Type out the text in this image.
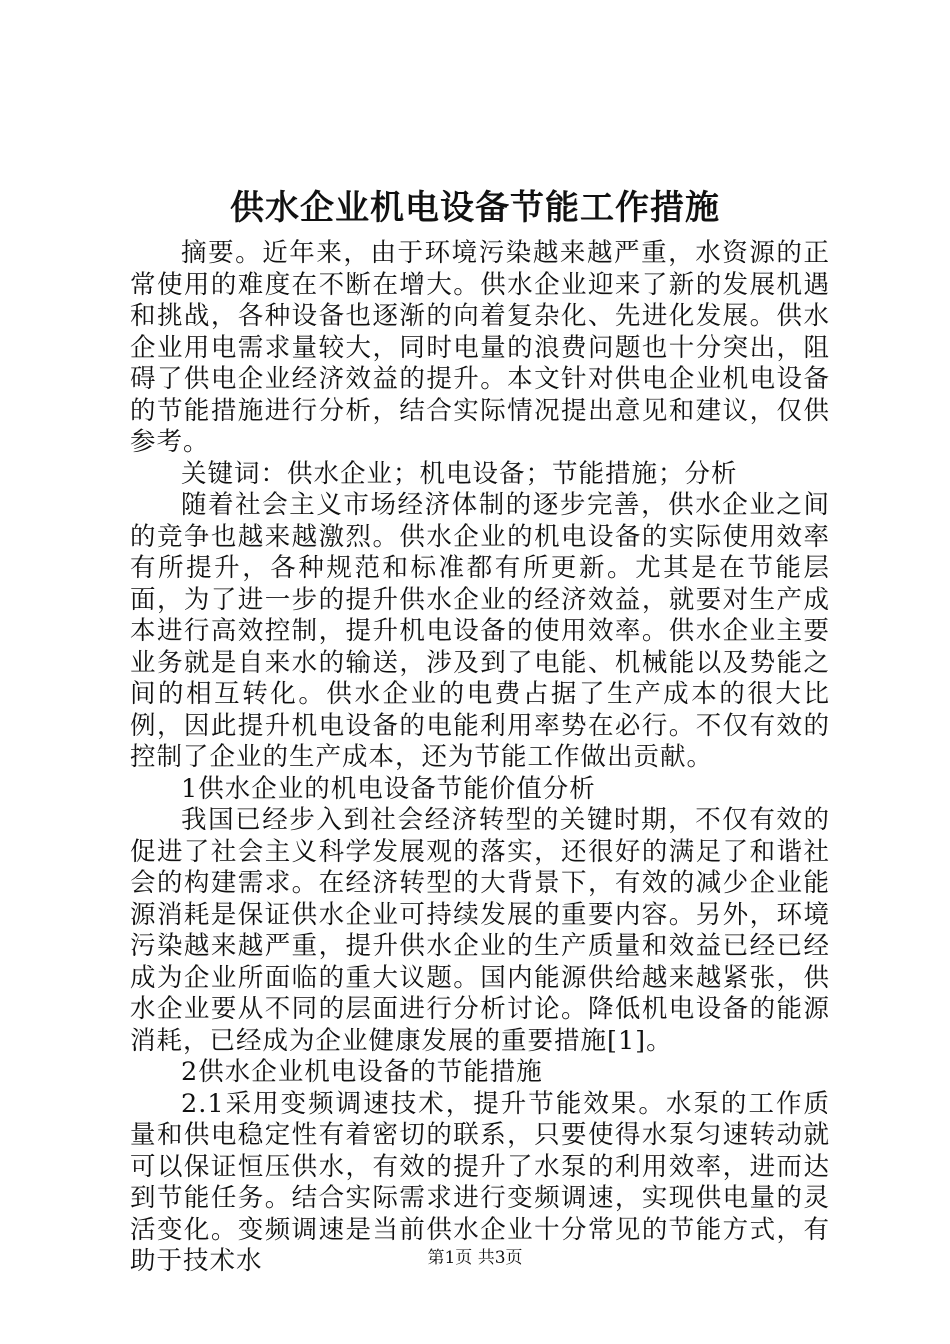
供水企业机电设备节能工作措施

摘要。近年来，由于环境污染越来越严重，水资源的正常使用的难度在不断在增大。供水企业迎来了新的发展机遇和挑战，各种设备也逐渐的向着复杂化、先进化发展。供水企业用电需求量较大，同时电量的浪费问题也十分突出，阻碍了供电企业经济效益的提升。本文针对供电企业机电设备的节能措施进行分析，结合实际情况提出意见和建议，仅供参考。

关键词：供水企业；机电设备；节能措施；分析

随着社会主义市场经济体制的逐步完善，供水企业之间的竞争也越来越激烈。供水企业的机电设备的实际使用效率有所提升，各种规范和标准都有所更新。尤其是在节能层面，为了进一步的提升供水企业的经济效益，就要对生产成本进行高效控制，提升机电设备的使用效率。供水企业主要业务就是自来水的输送，涉及到了电能、机械能以及势能之间的相互转化。供水企业的电费占据了生产成本的很大比例，因此提升机电设备的电能利用率势在必行。不仅有效的控制了企业的生产成本，还为节能工作做出贡献。

1供水企业的机电设备节能价值分析

我国已经步入到社会经济转型的关键时期，不仅有效的促进了社会主义科学发展观的落实，还很好的满足了和谐社会的构建需求。在经济转型的大背景下，有效的减少企业能源消耗是保证供水企业可持续发展的重要内容。另外，环境污染越来越严重，提升供水企业的生产质量和效益已经已经成为企业所面临的重大议题。国内能源供给越来越紧张，供水企业要从不同的层面进行分析讨论。降低机电设备的能源消耗，已经成为企业健康发展的重要措施[1]。

2供水企业机电设备的节能措施

2.1采用变频调速技术，提升节能效果。水泵的工作质量和供电稳定性有着密切的联系，只要使得水泵匀速转动就可以保证恒压供水，有效的提升了水泵的利用效率，进而达到节能任务。结合实际需求进行变频调速，实现供电量的灵活变化。变频调速是当前供水企业十分常见的节能方式，有助于技术水	第1页 共3页
